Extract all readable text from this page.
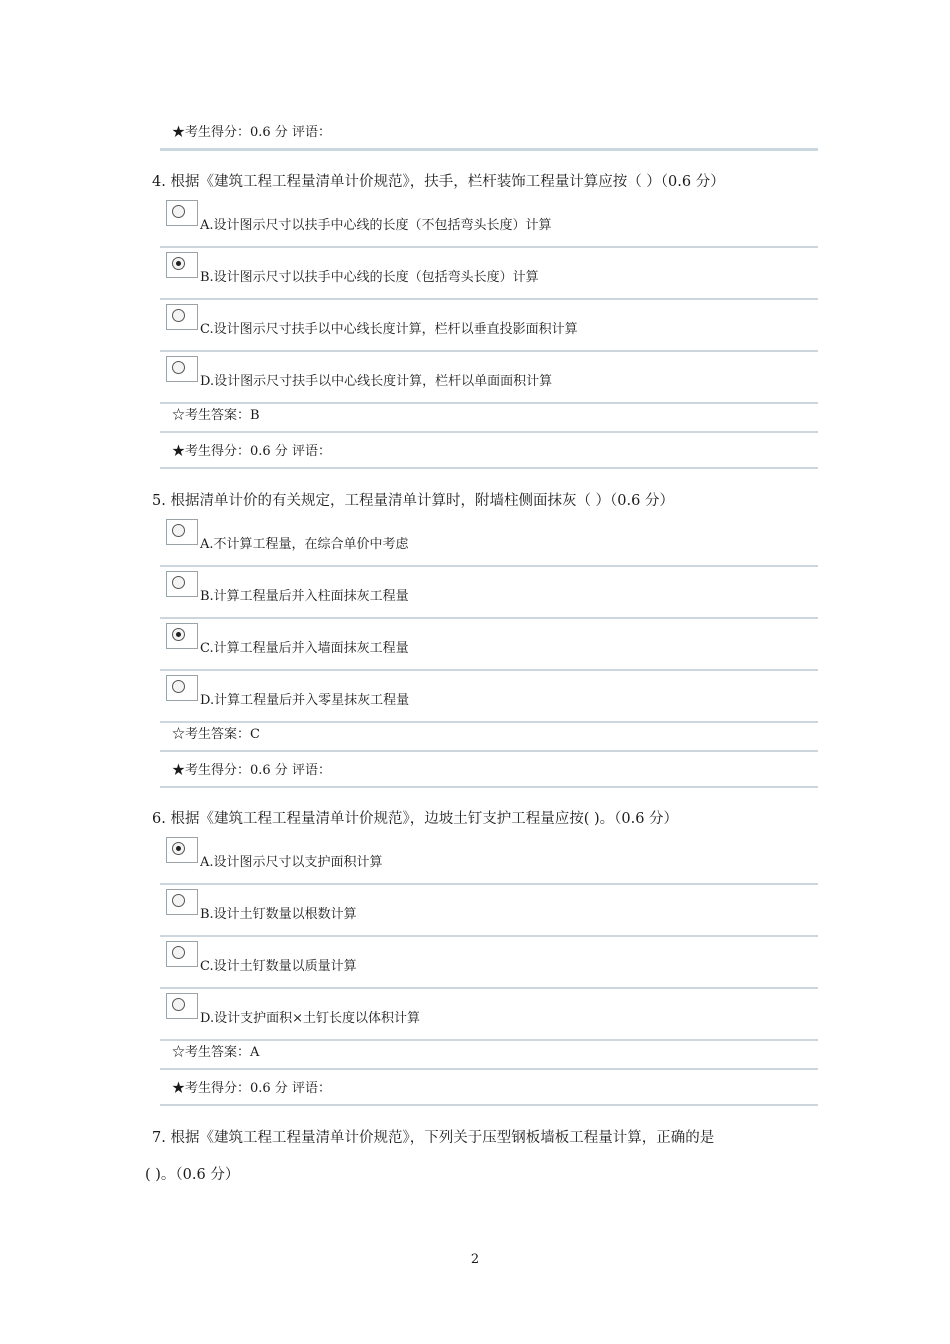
★考生得分：0.6 分 评语：
4. 根据《建筑工程工程量清单计价规范》，扶手，栏杆装饰工程量计算应按（ ）（0.6 分）
A.设计图示尺寸以扶手中心线的长度（不包括弯头长度）计算
B.设计图示尺寸以扶手中心线的长度（包括弯头长度）计算
C.设计图示尺寸扶手以中心线长度计算，栏杆以垂直投影面积计算
D.设计图示尺寸扶手以中心线长度计算，栏杆以单面面积计算
☆考生答案：B
★考生得分：0.6 分 评语：
5. 根据清单计价的有关规定，工程量清单计算时，附墙柱侧面抹灰（ ）（0.6 分）
A.不计算工程量，在综合单价中考虑
B.计算工程量后并入柱面抹灰工程量
C.计算工程量后并入墙面抹灰工程量
D.计算工程量后并入零星抹灰工程量
☆考生答案：C
★考生得分：0.6 分 评语：
6. 根据《建筑工程工程量清单计价规范》，边坡土钉支护工程量应按( )。（0.6 分）
A.设计图示尺寸以支护面积计算
B.设计土钉数量以根数计算
C.设计土钉数量以质量计算
D.设计支护面积×土钉长度以体积计算
☆考生答案：A
★考生得分：0.6 分 评语：
7. 根据《建筑工程工程量清单计价规范》，下列关于压型钢板墙板工程量计算，正确的是
( )。（0.6 分）
2
